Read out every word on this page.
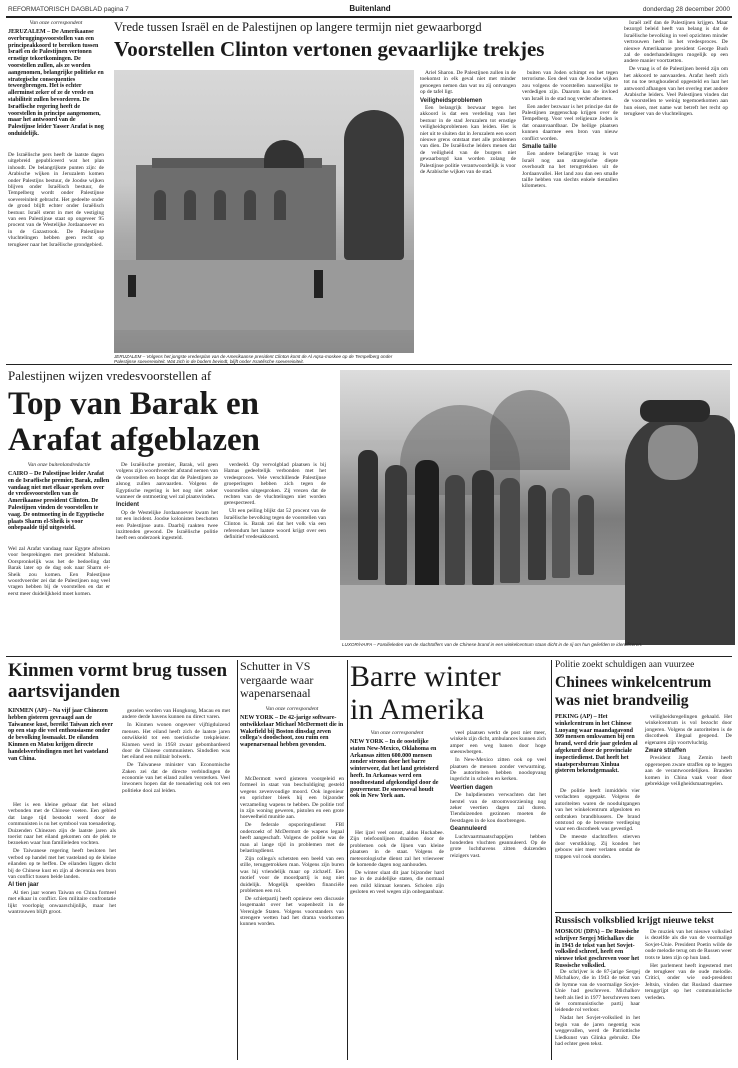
REFORMATORISCH DAGBLAD pagina 7	Buitenland	donderdag 28 december 2000
Van onze correspondent
JERUZALEM – De Amerikaanse overbruggingsvoorstellen van een principeakkoord te bereiken tussen Israël en de Palestijnen vertonen ernstige tekortkomingen. De voorstellen zullen, als ze worden aangenomen, belangrijke politieke en strategische consequenties teweegbrengen. Het is echter allerminst zeker of ze de vrede en stabiliteit zullen bevorderen. De Israëlische regering heeft de voorstellen in principe aangenomen, maar het antwoord van de Palestijnse leider Yasser Arafat is nog onduidelijk.
De Israëlische pers heeft de laatste dagen uitgebreid gepubliceerd wat het plan inhoudt. De belangrijkste punten zijn: de Arabische wijken in Jeruzalem komen onder Palestijns bestuur, de Joodse wijken blijven onder Israëlisch bestuur, de Tempelberg wordt onder Palestijnse soevereiniteit gebracht. Het gedeelte onder de grond blijft echter onder Israëlisch bestuur. Israël stemt in met de vestiging van een Palestijnse staat op ongeveer 95 procent van de Westelijke Jordaanoever en in de Gazastrook. De Palestijnse vluchtelingen hebben geen recht op terugkeer naar het Israëlische grondgebied.
Vrede tussen Israël en de Palestijnen op langere termijn niet gewaarborgd
Voorstellen Clinton vertonen gevaarlijke trekjes
JERUZALEM – Volgens het jongste vredesplan van de Amerikaanse president Clinton komt de Al Aqsa-moskee op de Tempelberg onder Palestijnse soevereiniteit. Wat zich in de bodem bevindt, blijft onder Israëlische soevereiniteit.

Ariel Sharon. De Palestijnen zullen in de toekomst in elk geval niet met minder genoegen nemen dan wat nu zij ontvangen op de tafel ligt.

Veiligheidsproblemen

Een belangrijk bezwaar tegen het akkoord is dat een verdeling van het bestuur in de stad Jeruzalem tot ernstige veiligheidsproblemen kan leiden. Het is niet uit te sluiten dat in Jeruzalem een soort nieuwe grens ontstaat met alle problemen van dien. De Israëlische leiders menen dat de veiligheid van de burgers niet gewaarborgd kan worden zolang de Palestijnse politie verantwoordelijk is voor de Arabische wijken van de stad.

buiten van Joden schimpt en het tegen terrorisme. Een deel van de Joodse wijken zou volgens de voorstellen nauwelijks te verdedigen zijn. Daarom kan de invloed van Israël in de stad nog verder afnemen.

Een ander bezwaar is het principe dat de Palestijnen zeggenschap krijgen over de Tempelberg. Voor veel religieuze Joden is dat onaanvaardbaar. De heilige plaatsen kunnen daarmee een bron van nieuw conflict worden.

Smalle taille

Een andere belangrijke vraag is wat Israël nog aan strategische diepte overhoudt na het terugtrekken uit de Jordaanvallei. Het land zou dan een smalle taille hebben van slechts enkele tientallen kilometers.

Israël zelf dan de Palestijnen krijgen. Maar bezorgd beleid heeft van belang is dat de Israëlische bevolking in veel opzichten minder vertrouwen heeft in het vredesproces. De nieuwe Amerikaanse president George Bush zal de onderhandelingen mogelijk op een andere manier voortzetten.

De vraag is of de Palestijnen bereid zijn om het akkoord te aanvaarden. Arafat heeft zich tot nu toe terughoudend opgesteld en laat het antwoord afhangen van het overleg met andere Arabische leiders. Veel Palestijnen vinden dat de voorstellen te weinig tegemoetkomen aan hun eisen, met name wat betreft het recht op terugkeer van de vluchtelingen.

Palestijnen wijzen vredesvoorstellen af
Top van Barak en
Arafat afgeblazen
Van onze buitenlandredactie
CAIRO – De Palestijnse leider Arafat en de Israëlische premier, Barak, zullen vandaag niet met elkaar spreken over de vredesvoorstellen van de Amerikaanse president Clinton. De Palestijnen vinden de voorstellen te vaag. De ontmoeting in de Egyptische plaats Sharm el-Sheik is voor onbepaalde tijd uitgesteld.
Wel zal Arafat vandaag naar Egypte afreizen voor besprekingen met president Mubarak. Oorspronkelijk was het de bedoeling dat Barak later op de dag ook naar Sharm el-Sheik zou komen. Een Palestijnse woordvoerder zei dat de Palestijnen nog veel vragen hebben bij de voorstellen en dat er eerst meer duidelijkheid moet komen.

De Israëlische premier, Barak, wil geen volgens zijn woordvoerder afstand nemen van de voorstellen en hoopt dat de Palestijnen ze alsnog zullen aanvaarden. Volgens de Egyptische regering is het nog niet zeker wanneer de ontmoeting wel zal plaatsvinden.

Incident

Op de Westelijke Jordaanoever kwam het tot een incident. Joodse kolonisten beschoten een Palestijnse auto. Daarbij raakten twee inzittenden gewond. De Israëlische politie heeft een onderzoek ingesteld.

verdeeld. Op vervolgblad plaatsen is bij Hamas gedeeltelijk verbonden met het vredesproces. Vele verschillende Palestijnse groeperingen hebben zich tegen de voorstellen uitgesproken. Zij vrezen dat de rechten van de vluchtelingen niet worden gerespecteerd.

Uit een peiling blijkt dat 52 procent van de Israëlische bevolking tegen de voorstellen van Clinton is. Barak zei dat het volk via een referendum het laatste woord krijgt over een definitief vredesakkoord.

LUXOR/HAIFA – Familieleden van de slachtoffers van de Chinese brand in een winkelcentrum staan dicht in de rij om hun geliefden te identificeren.
Kinmen vormt brug tussen aartsvijanden
KINMEN (AP) – Na vijf jaar Chinezen hebben gisteren gevraagd aan de Taiwanese kust, bereikt Taiwan zich over op een stap die veel enthousiasme onder de bevolking losmaakt. De eilanden Kinmen en Matsu krijgen directe handelsverbindingen met het vasteland van China.

Het is een kleine gebaar dat het eiland verbonden met de Chinese voeten. Een gebied dat lange tijd bestookt werd door de communisten is nu het symbool van toenadering. Duizenden Chinezen zijn de laatste jaren als toerist naar het eiland gekomen om de plek te bezoeken waar hun familieleden vochten.

De Taiwanese regering heeft besloten het verbod op handel met het vasteland op de kleine eilanden op te heffen. De eilanden liggen dicht bij de Chinese kust en zijn al decennia een bron van conflict tussen beide landen.

Al tien jaar

Al tien jaar wonen Taiwan en China formeel met elkaar in conflict. Een militaire confrontatie lijkt voorlopig onwaarschijnlijk, maar het wantrouwen blijft groot.

gezelen worden van Hongkong, Macau en met andere derde havens kunnen nu direct varen.

In Kinmen wonen ongeveer vijftigduizend mensen. Het eiland heeft zich de laatste jaren ontwikkeld tot een toeristische trekpleister. Kinmen werd in 1958 zwaar gebombardeerd door de Chinese communisten. Sindsdien was het eiland een militair bolwerk.

De Taiwanese minister van Economische Zaken zei dat de directe verbindingen de economie van het eiland zullen versterken. Veel inwoners hopen dat de toenadering ook tot een politieke dooi zal leiden.

Schutter in VS vergaarde waar wapenarsenaal
Van onze correspondent
NEW YORK – De 42-jarige software-ontwikkelaar Michael McDermott die in Wakefield bij Boston dinsdag zeven collega's doodschoot, zou ruim een wapenarsenaal hebben gevonden.

McDermott werd gisteren voorgeleid en formeel in staat van beschuldiging gesteld wegens zevenvoudige moord. Ook ingenieur en oprichter bleek hij een bijzonder verzameling wapens te hebben. De politie trof in zijn woning geweren, pistolen en een grote hoeveelheid munitie aan.

De federale opsporingsdienst FBI onderzoekt of McDermott de wapens legaal heeft aangeschaft. Volgens de politie was de man al lange tijd in problemen met de belastingdienst.

Zijn collega's schetsten een beeld van een stille, teruggetrokken man. Volgens zijn buren was hij vriendelijk maar op zichzelf. Een motief voor de moordpartij is nog niet duidelijk. Mogelijk speelden financiële problemen een rol.

De schietpartij heeft opnieuw een discussie losgemaakt over het wapenbezit in de Verenigde Staten. Volgens voorstanders van strengere wetten had het drama voorkomen kunnen worden.

Barre winter
in Amerika
Van onze correspondent
NEW YORK – In de oostelijke staten New-Mexico, Oklahoma en Arkansas zitten 600.000 mensen zonder stroom door het barre winterweer, dat het land geteisterd heeft. In Arkansas werd een noodtoestand afgekondigd door de gouverneur. De sneeuwval houdt ook in New York aan.

Het ijzel veel onrust, aldus Huckabee. Zijn telefoonlijnen draaiden door de problemen ook de lijnen van kleine plaatsen in de staat. Volgens de meteorologische dienst zal het vriesweer de komende dagen nog aanhouden.

De winter slaat dit jaar bijzonder hard toe in de zuidelijke staten, die normaal een mild klimaat kennen. Scholen zijn gesloten en veel wegen zijn onbegaanbaar.

veel plaatsen werkt de post niet meer, winkels zijn dicht, ambulances kunnen zich amper een weg banen door hoge sneeuwbergen.

In New-Mexico zitten ook op veel plaatsen de mensen zonder verwarming. De autoriteiten hebben noodopvang ingericht in scholen en kerken.

Veertien dagen

De hulpdiensten verwachten dat het herstel van de stroomvoorziening nog zeker veertien dagen zal duren. Tienduizenden gezinnen moeten de feestdagen in de kou doorbrengen.

Geannuleerd

Luchtvaartmaatschappijen hebben honderden vluchten geannuleerd. Op de grote luchthavens zitten duizenden reizigers vast.

Politie zoekt schuldigen aan vuurzee
Chinees winkelcentrum
was niet brandveilig
PEKING (AP) – Het winkelcentrum in het Chinese Luoyang waar maandagavond 309 mensen omkwamen bij een brand, werd drie jaar geleden al afgekeurd door de provinciale inspectiedienst. Dat heeft het staatspersbureau Xinhua gisteren bekendgemaakt.

De politie heeft inmiddels vier verdachten opgepakt. Volgens de autoriteiten waren de nooduitgangen van het winkelcentrum afgesloten en ontbraken brandblussers. De brand ontstond op de bovenste verdieping waar een discotheek was gevestigd.

De meeste slachtoffers stierven door verstikking. Zij konden het gebouw niet meer verlaten omdat de trappen vol rook stonden.

veiligheidsregelingen gehaald. Het winkelcentrum is vol bezocht door jongeren. Volgens de autoriteiten is de discotheek illegaal geopend. De eigenaren zijn voortvluchtig.

Zware straffen

President Jiang Zemin heeft opgeroepen zware straffen op te leggen aan de verantwoordelijken. Branden komen in China vaak voor door gebrekkige veiligheidsmaatregelen.

Russisch volksblied krijgt nieuwe tekst
MOSKOU (DPA) – De Russische schrijver Sergej Michalkov die in 1943 de tekst van het Sovjet-volkslied schreef, heeft een nieuwe tekst geschreven voor het Russische volkslied.

De schrijver is de 87-jarige Sergej Michalkov, die in 1943 de tekst van de hymne van de voormalige Sovjet-Unie had geschreven. Michalkov heeft als lied in 1977 herschreven toen de communistische partij haar leidende rol verloor.

Nadat het Sovjet-volkslied in het begin van de jaren negentig was weggevallen, werd de Patriottische Liedkunst van Glinka gebruikt. Die had echter geen tekst.

De muziek van het nieuwe volkslied is dezelfde als die van de voormalige Sovjet-Unie. President Poetin wilde de oude melodie terug om de Russen weer trots te laten zijn op hun land.

Het parlement heeft ingestemd met de terugkeer van de oude melodie. Critici, onder wie oud-president Jeltsin, vinden dat Rusland daarmee teruggrijpt op het communistische verleden.
